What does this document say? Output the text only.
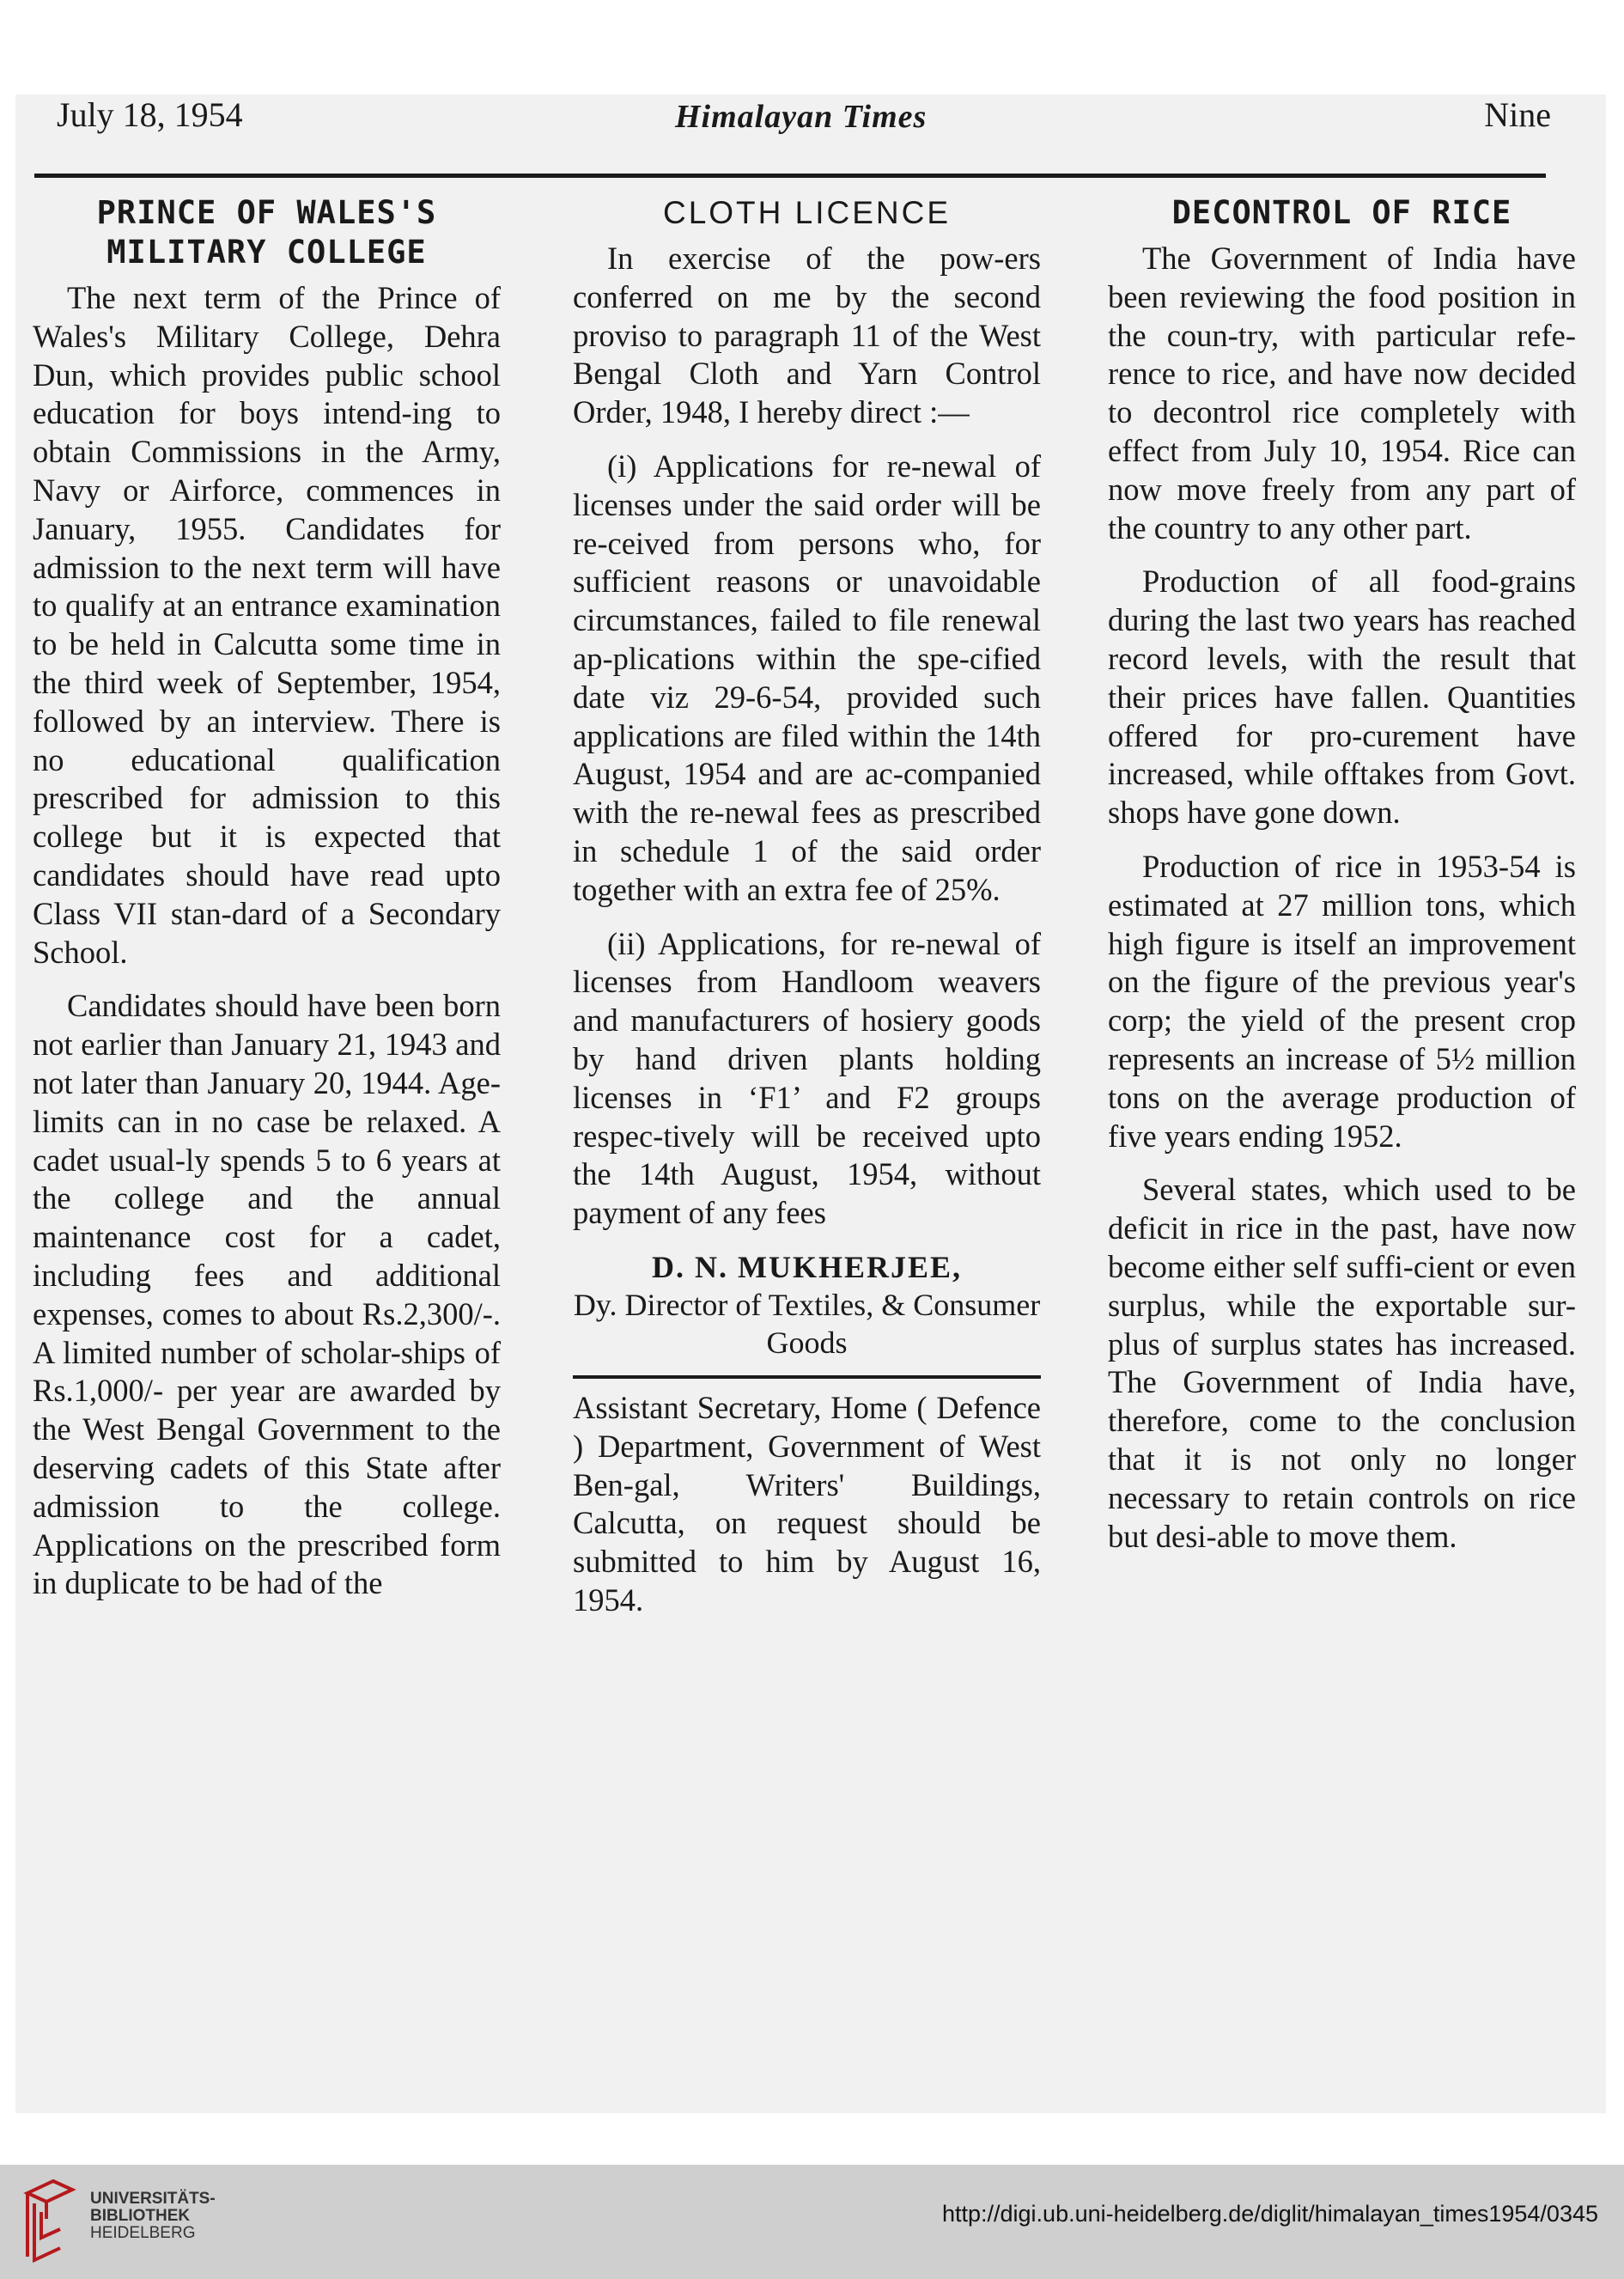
July 18, 1954	Himalayan Times	Nine
PRINCE OF WALES'S MILITARY COLLEGE

The next term of the Prince of Wales's Military College, Dehra Dun, which provides public school education for boys intend-ing to obtain Commissions in the Army, Navy or Airforce, commences in January, 1955. Candidates for admission to the next term will have to qualify at an entrance examination to be held in Calcutta some time in the third week of September, 1954, followed by an interview. There is no educational qualification prescribed for admission to this college but it is expected that candidates should have read upto Class VII stan-dard of a Secondary School.

Candidates should have been born not earlier than January 21, 1943 and not later than January 20, 1944. Age-limits can in no case be relaxed. A cadet usual-ly spends 5 to 6 years at the college and the annual maintenance cost for a cadet, including fees and additional expenses, comes to about Rs.2,300/-. A limited number of scholar-ships of Rs.1,000/- per year are awarded by the West Bengal Government to the deserving cadets of this State after admission to the college. Applications on the prescribed form in duplicate to be had of the

CLOTH LICENCE

In exercise of the pow-ers conferred on me by the second proviso to paragraph 11 of the West Bengal Cloth and Yarn Control Order, 1948, I hereby direct :—

(i) Applications for re-newal of licenses under the said order will be re-ceived from persons who, for sufficient reasons or unavoidable circumstances, failed to file renewal ap-plications within the spe-cified date viz 29-6-54, provided such applications are filed within the 14th August, 1954 and are ac-companied with the re-newal fees as prescribed in schedule 1 of the said order together with an extra fee of 25%.

(ii) Applications, for re-newal of licenses from Handloom weavers and manufacturers of hosiery goods by hand driven plants holding licenses in ‘F1’ and F2 groups respec-tively will be received upto the 14th August, 1954, without payment of any fees

D. N. MUKHERJEE,
Dy. Director of Textiles, & Consumer Goods

Assistant Secretary, Home ( Defence ) Department, Government of West Ben-gal, Writers' Buildings, Calcutta, on request should be submitted to him by August 16, 1954.

DECONTROL OF RICE

The Government of India have been reviewing the food position in the coun-try, with particular refe-rence to rice, and have now decided to decontrol rice completely with effect from July 10, 1954. Rice can now move freely from any part of the country to any other part.

Production of all food-grains during the last two years has reached record levels, with the result that their prices have fallen. Quantities offered for pro-curement have increased, while offtakes from Govt. shops have gone down.

Production of rice in 1953-54 is estimated at 27 million tons, which high figure is itself an improvement on the figure of the previous year's corp; the yield of the present crop represents an increase of 5½ million tons on the average production of five years ending 1952.

Several states, which used to be deficit in rice in the past, have now become either self suffi-cient or even surplus, while the exportable sur-plus of surplus states has increased. The Government of India have, therefore, come to the conclusion that it is not only no longer necessary to retain controls on rice but desi-able to move them.

UNIVERSITÄTS-
BIBLIOTHEK
HEIDELBERG
http://digi.ub.uni-heidelberg.de/diglit/himalayan_times1954/0345
